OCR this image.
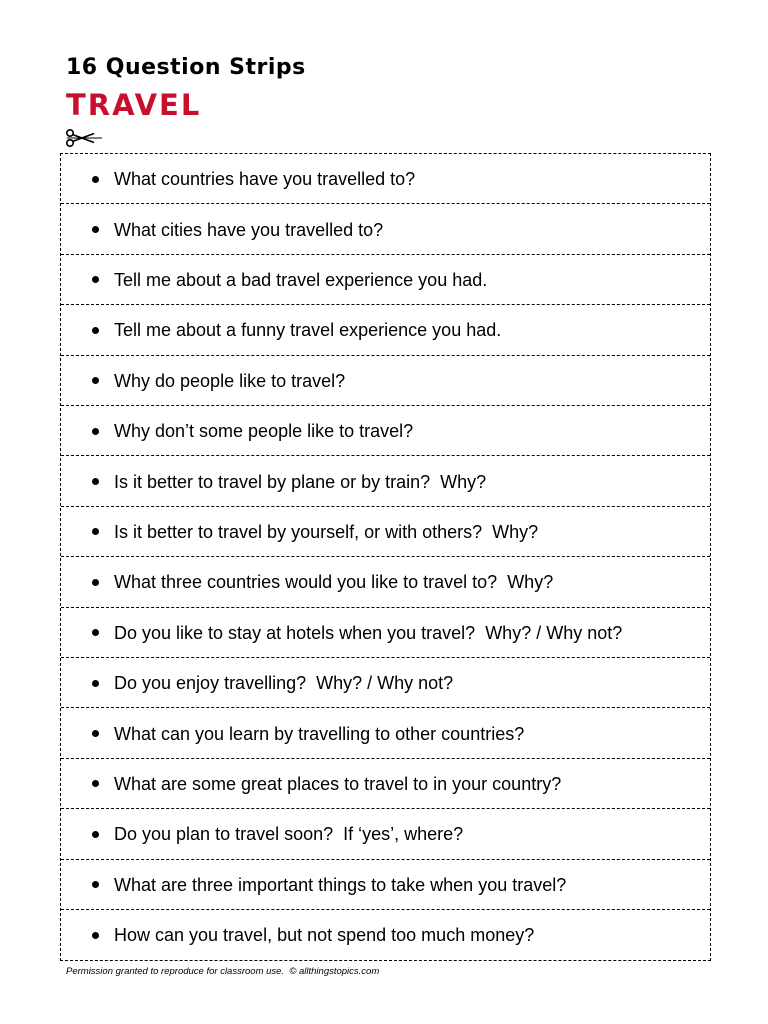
16 Question Strips
TRAVEL
What countries have you travelled to?
What cities have you travelled to?
Tell me about a bad travel experience you had.
Tell me about a funny travel experience you had.
Why do people like to travel?
Why don’t some people like to travel?
Is it better to travel by plane or by train?  Why?
Is it better to travel by yourself, or with others?  Why?
What three countries would you like to travel to?  Why?
Do you like to stay at hotels when you travel?  Why? / Why not?
Do you enjoy travelling?  Why? / Why not?
What can you learn by travelling to other countries?
What are some great places to travel to in your country?
Do you plan to travel soon?  If ‘yes’, where?
What are three important things to take when you travel?
How can you travel, but not spend too much money?

Permission granted to reproduce for classroom use.  © allthingstopics.com
